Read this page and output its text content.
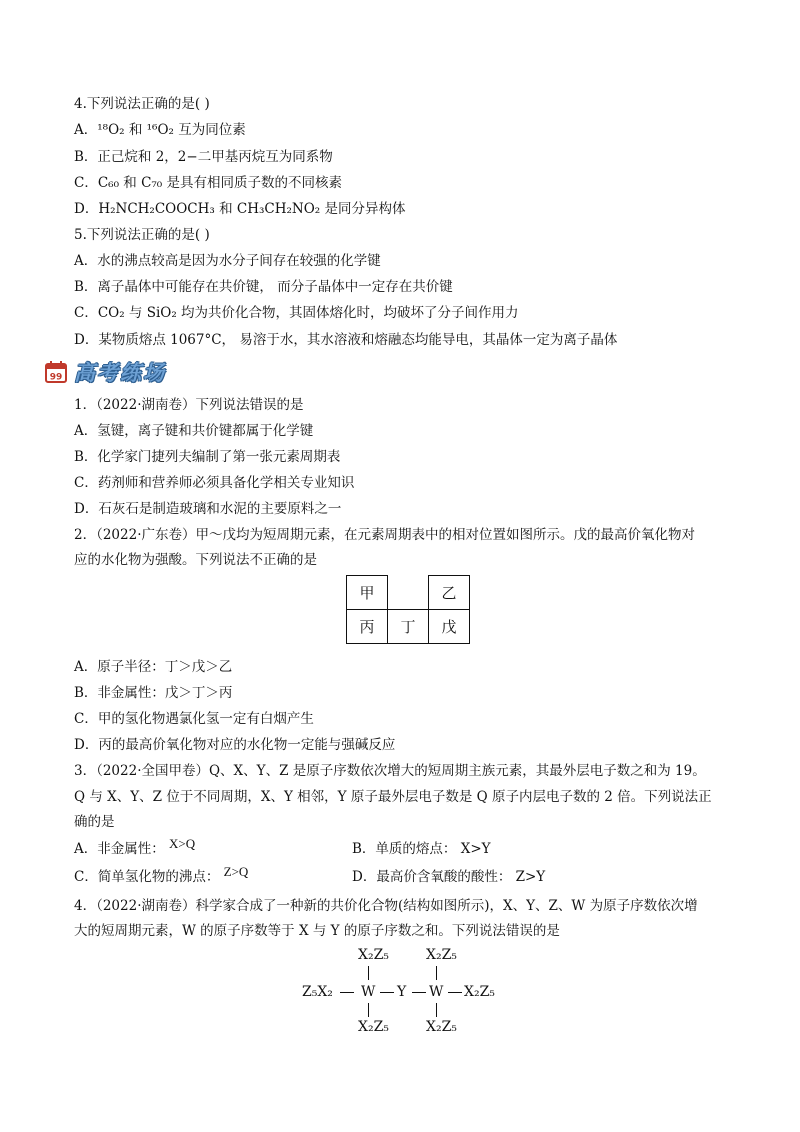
4.下列说法正确的是( )
A．¹⁸O₂ 和 ¹⁶O₂ 互为同位素
B．正己烷和 2，2−二甲基丙烷互为同系物
C．C₆₀ 和 C₇₀ 是具有相同质子数的不同核素
D．H₂NCH₂COOCH₃ 和 CH₃CH₂NO₂ 是同分异构体
5.下列说法正确的是( )
A．水的沸点较高是因为水分子间存在较强的化学键
B．离子晶体中可能存在共价键， 而分子晶体中一定存在共价键
C．CO₂ 与 SiO₂ 均为共价化合物，其固体熔化时，均破坏了分子间作用力
D．某物质熔点 1067°C， 易溶于水，其水溶液和熔融态均能导电，其晶体一定为离子晶体
99 高考练场
1．（2022·湖南卷）下列说法错误的是
A．氢键，离子键和共价键都属于化学键
B．化学家门捷列夫编制了第一张元素周期表
C．药剂师和营养师必须具备化学相关专业知识
D．石灰石是制造玻璃和水泥的主要原料之一
2．（2022·广东卷）甲～戊均为短周期元素，在元素周期表中的相对位置如图所示。戊的最高价氧化物对
应的水化物为强酸。下列说法不正确的是
甲		乙
丙	丁	戊
A．原子半径：丁＞戊＞乙
B．非金属性：戊＞丁＞丙
C．甲的氢化物遇氯化氢一定有白烟产生
D．丙的最高价氧化物对应的水化物一定能与强碱反应
3．（2022·全国甲卷）Q、X、Y、Z 是原子序数依次增大的短周期主族元素，其最外层电子数之和为 19。
Q 与 X、Y、Z 位于不同周期，X、Y 相邻，Y 原子最外层电子数是 Q 原子内层电子数的 2 倍。下列说法正
确的是
A．非金属性： X>Q	B．单质的熔点： X>Y
C．简单氢化物的沸点： Z>Q	D．最高价含氧酸的酸性： Z>Y
4．（2022·湖南卷）科学家合成了一种新的共价化合物(结构如图所示)，X、Y、Z、W 为原子序数依次增
大的短周期元素，W 的原子序数等于 X 与 Y 的原子序数之和。下列说法错误的是
X₂Z₅	X₂Z₅
Z₅X₂ W Y W X₂Z₅
X₂Z₅	X₂Z₅
